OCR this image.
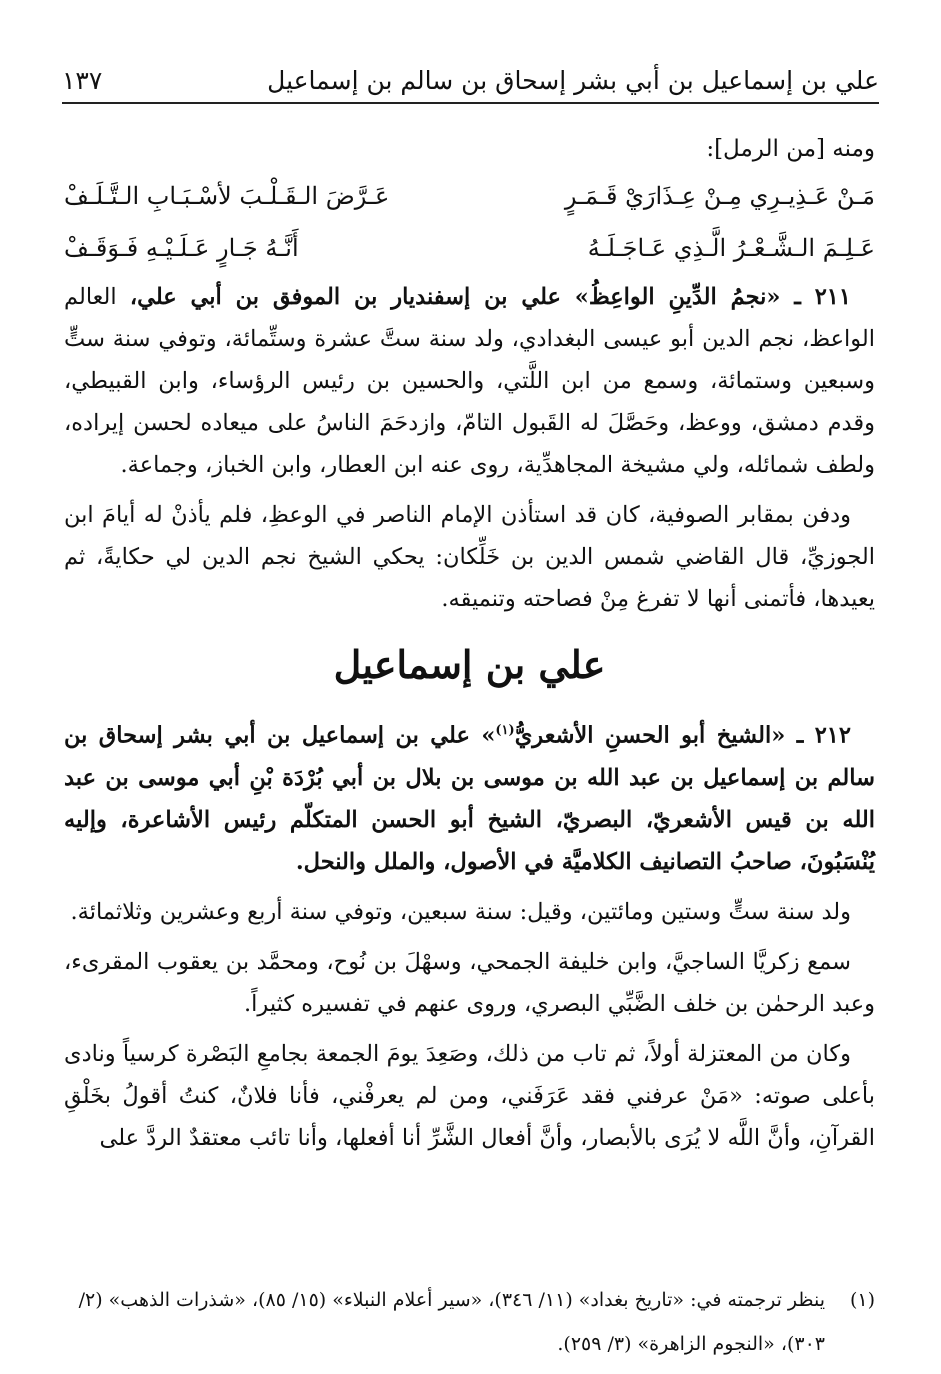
علي بن إسماعيل بن أبي بشر إسحاق بن سالم بن إسماعيل
١٣٧

ومنه [من الرمل]:

مَـنْ عَـذِيـرِي مِـنْ عِـذَارَيْ قَـمَـرٍ
عَـرَّضَ الـقَـلْـبَ لأسْـبَـابِ الـتَّـلَـفْ
عَـلِـمَ الـشَّـعْـرُ الَّـذِي عَـاجَـلَـهُ
أَنَّـهُ جَـارٍ عَـلَـيْـهِ فَـوَقَـفْ

٢١١ ـ «نجمُ الدِّينِ الواعِظُ» علي بن إسفنديار بن الموفق بن أبي علي، العالم الواعظ، نجم الدين أبو عيسى البغدادي، ولد سنة ستَّ عشرة وستِّمائة، وتوفي سنة ستٍّ وسبعين وستمائة، وسمع من ابن اللَّتي، والحسين بن رئيس الرؤساء، وابن القبيطي، وقدم دمشق، ووعظ، وحَصَّلَ له القَبول التامّ، وازدحَمَ الناسُ على ميعاده لحسن إيراده، ولطف شمائله، ولي مشيخة المجاهدِّية، روى عنه ابن العطار، وابن الخباز، وجماعة.

ودفن بمقابر الصوفية، كان قد استأذن الإمام الناصر في الوعظِ، فلم يأذنْ له أيامَ ابن الجوزيِّ، قال القاضي شمس الدين بن خَلِّكان: يحكي الشيخ نجم الدين لي حكايةً، ثم يعيدها، فأتمنى أنها لا تفرغ مِنْ فصاحته وتنميقه.

علي بن إسماعيل

٢١٢ ـ «الشيخ أبو الحسنِ الأشعريُّ$^{(١)}$» علي بن إسماعيل بن أبي بشر إسحاق بن سالم بن إسماعيل بن عبد الله بن موسى بن بلال بن أبي بُرْدَة بْنِ أبي موسى بن عبد الله بن قيس الأشعريّ، البصريّ، الشيخ أبو الحسن المتكلّم رئيس الأشاعرة، وإليه يُنْسَبُونَ، صاحبُ التصانيف الكلاميَّة في الأصول، والملل والنحل.

ولد سنة ستٍّ وستين ومائتين، وقيل: سنة سبعين، وتوفي سنة أربع وعشرين وثلاثمائة.

سمع زكريَّا الساجيَّ، وابن خليفة الجمحي، وسهْلَ بن نُوح، ومحمَّد بن يعقوب المقرىء، وعبد الرحمٰن بن خلف الضَّبِّي البصري، وروى عنهم في تفسيره كثيراً.

وكان من المعتزلة أولاً، ثم تاب من ذلك، وصَعِدَ يومَ الجمعة بجامعِ البَصْرة كرسياً ونادى بأعلى صوته: «مَنْ عرفني فقد عَرَفَني، ومن لم يعرفْني، فأنا فلانٌ، كنتُ أقولُ بخَلْقِ القرآنِ، وأنَّ اللَّه لا يُرَى بالأبصار، وأنَّ أفعال الشَّرِّ أنا أفعلها، وأنا تائب معتقدٌ الردَّ على

(١)
ينظر ترجمته في: «تاريخ بغداد» (١١/ ٣٤٦)، «سير أعلام النبلاء» (١٥/ ٨٥)، «شذرات الذهب» (٢/ ٣٠٣)، «النجوم الزاهرة» (٣/ ٢٥٩).
